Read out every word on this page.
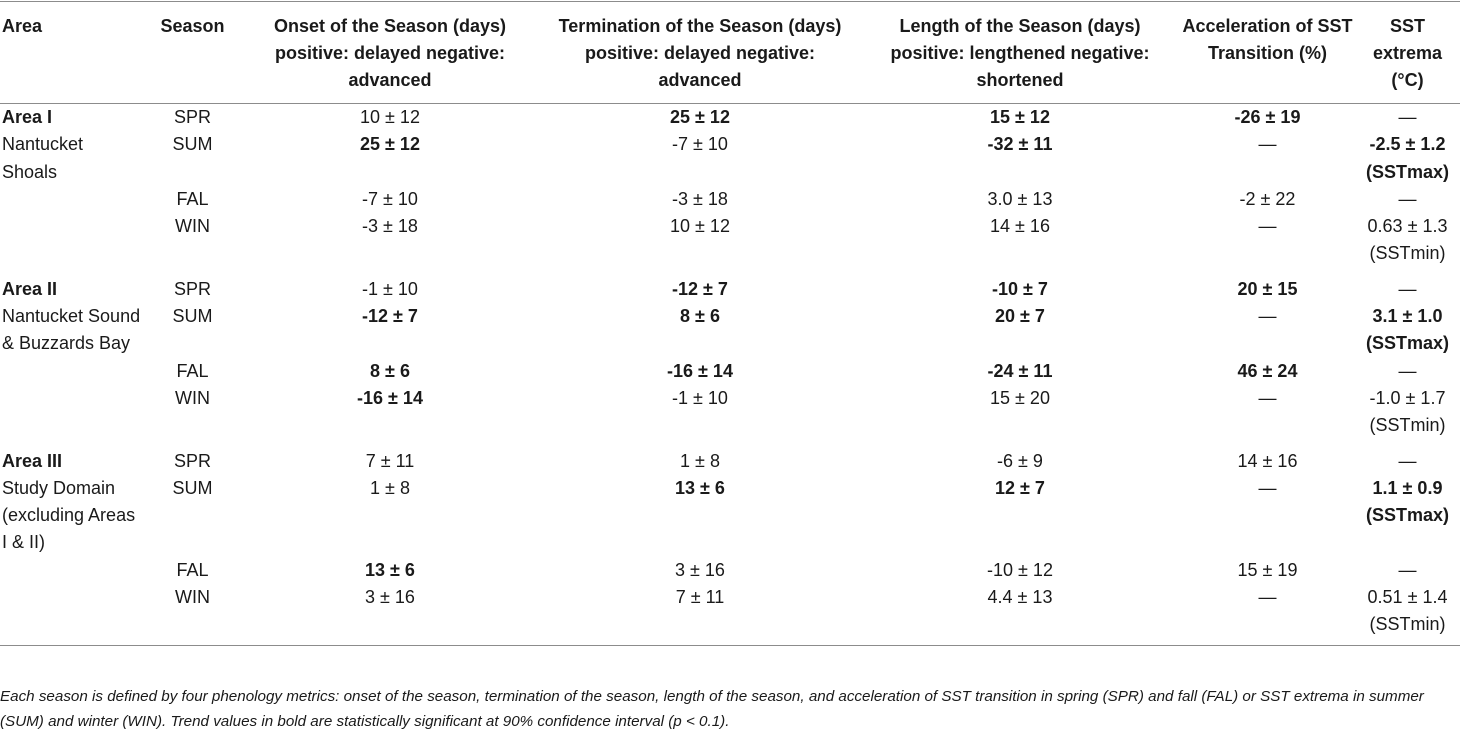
Area	Season	Onset of the Season (days) positive: delayed negative: advanced	Termination of the Season (days) positive: delayed negative: advanced	Length of the Season (days) positive: lengthened negative: shortened	Acceleration of SST Transition (%)	SST extrema (°C)
Area I	SPR	10 ± 12	25 ± 12	15 ± 12	-26 ± 19	—
Nantucket Shoals	SUM	25 ± 12	-7 ± 10	-32 ± 11	—	-2.5 ± 1.2 (SSTmax)
	FAL	-7 ± 10	-3 ± 18	3.0 ± 13	-2 ± 22	—
	WIN	-3 ± 18	10 ± 12	14 ± 16	—	0.63 ± 1.3 (SSTmin)
Area II	SPR	-1 ± 10	-12 ± 7	-10 ± 7	20 ± 15	—
Nantucket Sound & Buzzards Bay	SUM	-12 ± 7	8 ± 6	20 ± 7	—	3.1 ± 1.0 (SSTmax)
	FAL	8 ± 6	-16 ± 14	-24 ± 11	46 ± 24	—
	WIN	-16 ± 14	-1 ± 10	15 ± 20	—	-1.0 ± 1.7 (SSTmin)
Area III	SPR	7 ± 11	1 ± 8	-6 ± 9	14 ± 16	—
Study Domain (excluding Areas I & II)	SUM	1 ± 8	13 ± 6	12 ± 7	—	1.1 ± 0.9 (SSTmax)
	FAL	13 ± 6	3 ± 16	-10 ± 12	15 ± 19	—
	WIN	3 ± 16	7 ± 11	4.4 ± 13	—	0.51 ± 1.4 (SSTmin)

Each season is defined by four phenology metrics: onset of the season, termination of the season, length of the season, and acceleration of SST transition in spring (SPR) and fall (FAL) or SST extrema in summer (SUM) and winter (WIN). Trend values in bold are statistically significant at 90% confidence interval (p < 0.1).
